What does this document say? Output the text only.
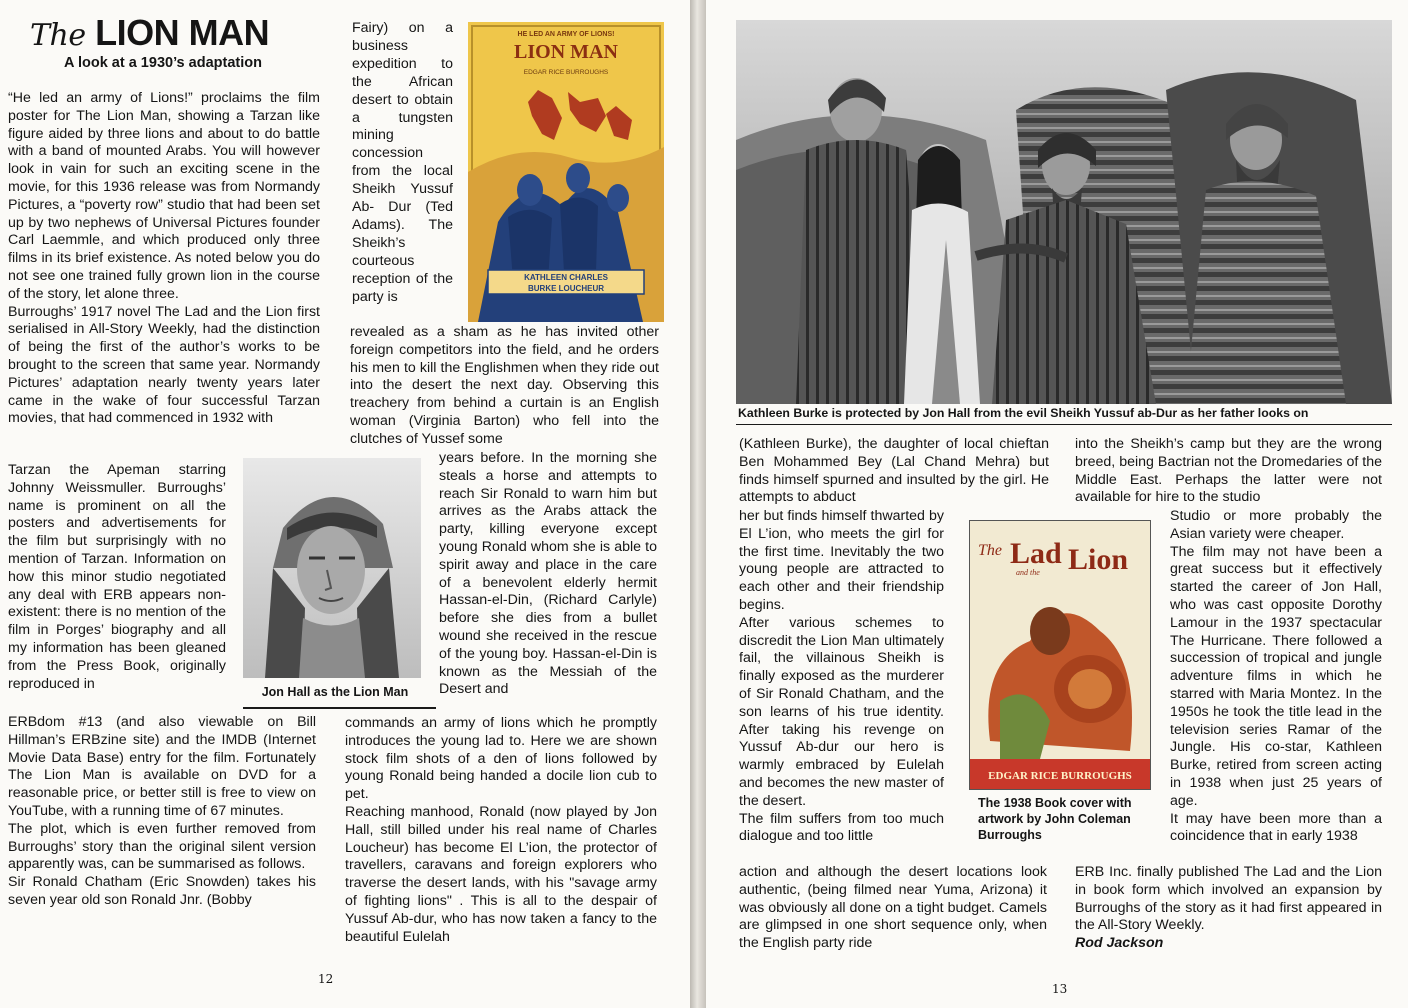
The LION MAN
A look at a 1930’s adaptation

“He led an army of Lions!” proclaims the film poster for The Lion Man, showing a Tarzan like figure aided by three lions and about to do battle with a band of mounted Arabs. You will however look in vain for such an exciting scene in the movie, for this 1936 release was from Normandy Pictures, a “poverty row” studio that had been set up by two nephews of Universal Pictures founder Carl Laemmle, and which produced only three films in its brief existence. As noted below you do not see one trained fully grown lion in the course of the story, let alone three.

Burroughs’ 1917 novel The Lad and the Lion first serialised in All-Story Weekly, had the distinction of being the first of the author’s works to be brought to the screen that same year. Normandy Pictures’ adaptation nearly twenty years later came in the wake of four successful Tarzan movies, that had commenced in 1932 with

Tarzan the Apeman starring Johnny Weissmuller. Burroughs’ name is prominent on all the posters and advertisements for the film but surprisingly with no mention of Tarzan. Information on how this minor studio negotiated any deal with ERB appears non-existent: there is no mention of the film in Porges’ biography and all my information has been gleaned from the Press Book, originally reproduced in

ERBdom #13 (and also viewable on Bill Hillman’s ERBzine site) and the IMDB (Internet Movie Data Base) entry for the film. Fortunately The Lion Man is available on DVD for a reasonable price, or better still is free to view on YouTube, with a running time of 67 minutes.

The plot, which is even further removed from Burroughs’ story than the original silent version apparently was, can be summarised as follows.

Sir Ronald Chatham (Eric Snowden) takes his seven year old son Ronald Jnr. (Bobby

Fairy) on a business expedition to the African desert to obtain a tungsten mining concession from the local Sheikh Yussuf Ab- Dur (Ted Adams). The Sheikh’s courteous reception of the party is

HE LED AN ARMY OF LIONS!
LION MAN
EDGAR RICE BURROUGHS
KATHLEEN CHARLES
BURKE LOUCHEUR

revealed as a sham as he has invited other foreign competitors into the field, and he orders his men to kill the Englishmen when they ride out into the desert the next day. Observing this treachery from behind a curtain is an English woman (Virginia Barton) who fell into the clutches of Yussef some

years before. In the morning she steals a horse and attempts to reach Sir Ronald to warn him but arrives as the Arabs attack the party, killing everyone except young Ronald whom she is able to spirit away and place in the care of a benevolent elderly hermit Hassan-el-Din, (Richard Carlyle) before she dies from a bullet wound she received in the rescue of the young boy. Hassan-el-Din is known as the Messiah of the Desert and

Jon Hall as the Lion Man

commands an army of lions which he promptly introduces the young lad to. Here we are shown stock film shots of a den of lions followed by young Ronald being handed a docile lion cub to pet.

Reaching manhood, Ronald (now played by Jon Hall, still billed under his real name of Charles Loucheur) has become El L’ion, the protector of travellers, caravans and foreign explorers who traverse the desert lands, with his "savage army of fighting lions" . This is all to the despair of Yussuf Ab-dur, who has now taken a fancy to the beautiful Eulelah

12
Kathleen Burke is protected by Jon Hall from the evil Sheikh Yussuf ab-Dur as her father looks on

(Kathleen Burke), the daughter of local chieftan Ben Mohammed Bey (Lal Chand Mehra) but finds himself spurned and insulted by the girl. He attempts to abduct

her but finds himself thwarted by El L’ion, who meets the girl for the first time. Inevitably the two young people are attracted to each other and their friendship begins.

After various schemes to discredit the Lion Man ultimately fail, the villainous Sheikh is finally exposed as the murderer of Sir Ronald Chatham, and the son learns of his true identity. After taking his revenge on Yussuf Ab-dur our hero is warmly embraced by Eulelah and becomes the new master of the desert.

The film suffers from too much dialogue and too little

action and although the desert locations look authentic, (being filmed near Yuma, Arizona) it was obviously all done on a tight budget. Camels are glimpsed in one short sequence only, when the English party ride

The Lad
and the Lion
EDGAR RICE BURROUGHS
The 1938 Book cover with artwork by John Coleman Burroughs

into the Sheikh’s camp but they are the wrong breed, being Bactrian not the Dromedaries of the Middle East. Perhaps the latter were not available for hire to the studio

Studio or more probably the Asian variety were cheaper.

The film may not have been a great success but it effectively started the career of Jon Hall, who was cast opposite Dorothy Lamour in the 1937 spectacular The Hurricane. There followed a succession of tropical and jungle adventure films in which he starred with Maria Montez. In the 1950s he took the title lead in the television series Ramar of the Jungle. His co-star, Kathleen Burke, retired from screen acting in 1938 when just 25 years of age.

It may have been more than a coincidence that in early 1938

ERB Inc. finally published The Lad and the Lion in book form which involved an expansion by Burroughs of the story as it had first appeared in the All-Story Weekly.

Rod Jackson

13
